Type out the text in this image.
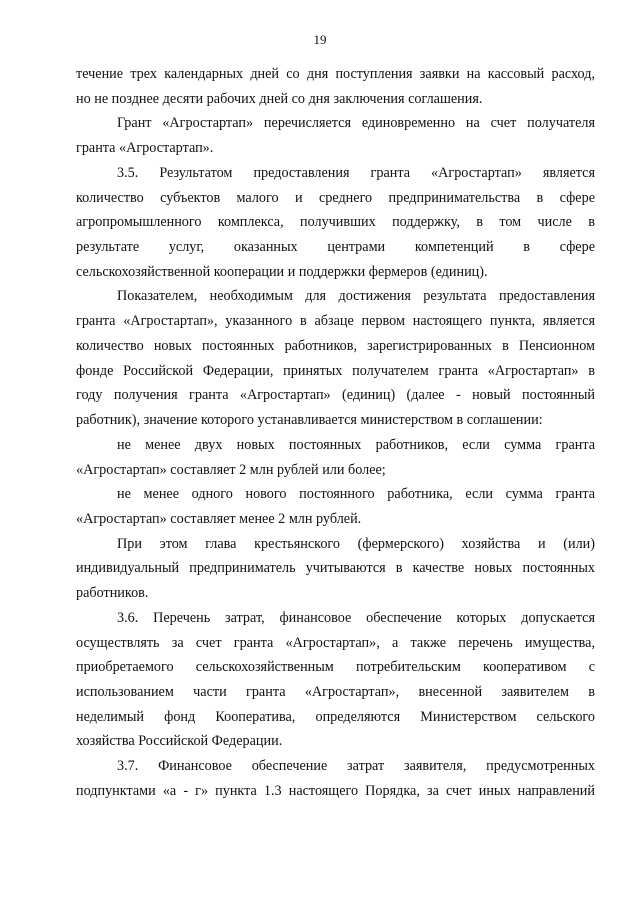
19
течение трех календарных дней со дня поступления заявки на кассовый расход,
но не позднее десяти рабочих дней со дня заключения соглашения.
Грант «Агростартап» перечисляется единовременно на счет получателя
гранта «Агростартап».
3.5. Результатом предоставления гранта «Агростартап» является
количество субъектов малого и среднего предпринимательства в сфере
агропромышленного комплекса, получивших поддержку, в том числе в
результате услуг, оказанных центрами компетенций в сфере
сельскохозяйственной кооперации и поддержки фермеров (единиц).
Показателем, необходимым для достижения результата предоставления
гранта «Агростартап», указанного в абзаце первом настоящего пункта, является
количество новых постоянных работников, зарегистрированных в Пенсионном
фонде Российской Федерации, принятых получателем гранта «Агростартап» в
году получения гранта «Агростартап» (единиц) (далее - новый постоянный
работник), значение которого устанавливается министерством в соглашении:
не менее двух новых постоянных работников, если сумма гранта
«Агростартап» составляет 2 млн рублей или более;
не менее одного нового постоянного работника, если сумма гранта
«Агростартап» составляет менее 2 млн рублей.
При этом глава крестьянского (фермерского) хозяйства и (или)
индивидуальный предприниматель учитываются в качестве новых постоянных
работников.
3.6. Перечень затрат, финансовое обеспечение которых допускается
осуществлять за счет гранта «Агростартап», а также перечень имущества,
приобретаемого сельскохозяйственным потребительским кооперативом с
использованием части гранта «Агростартап», внесенной заявителем в
неделимый фонд Кооператива, определяются Министерством сельского
хозяйства Российской Федерации.
3.7. Финансовое обеспечение затрат заявителя, предусмотренных
подпунктами «а - г» пункта 1.3 настоящего Порядка, за счет иных направлений
